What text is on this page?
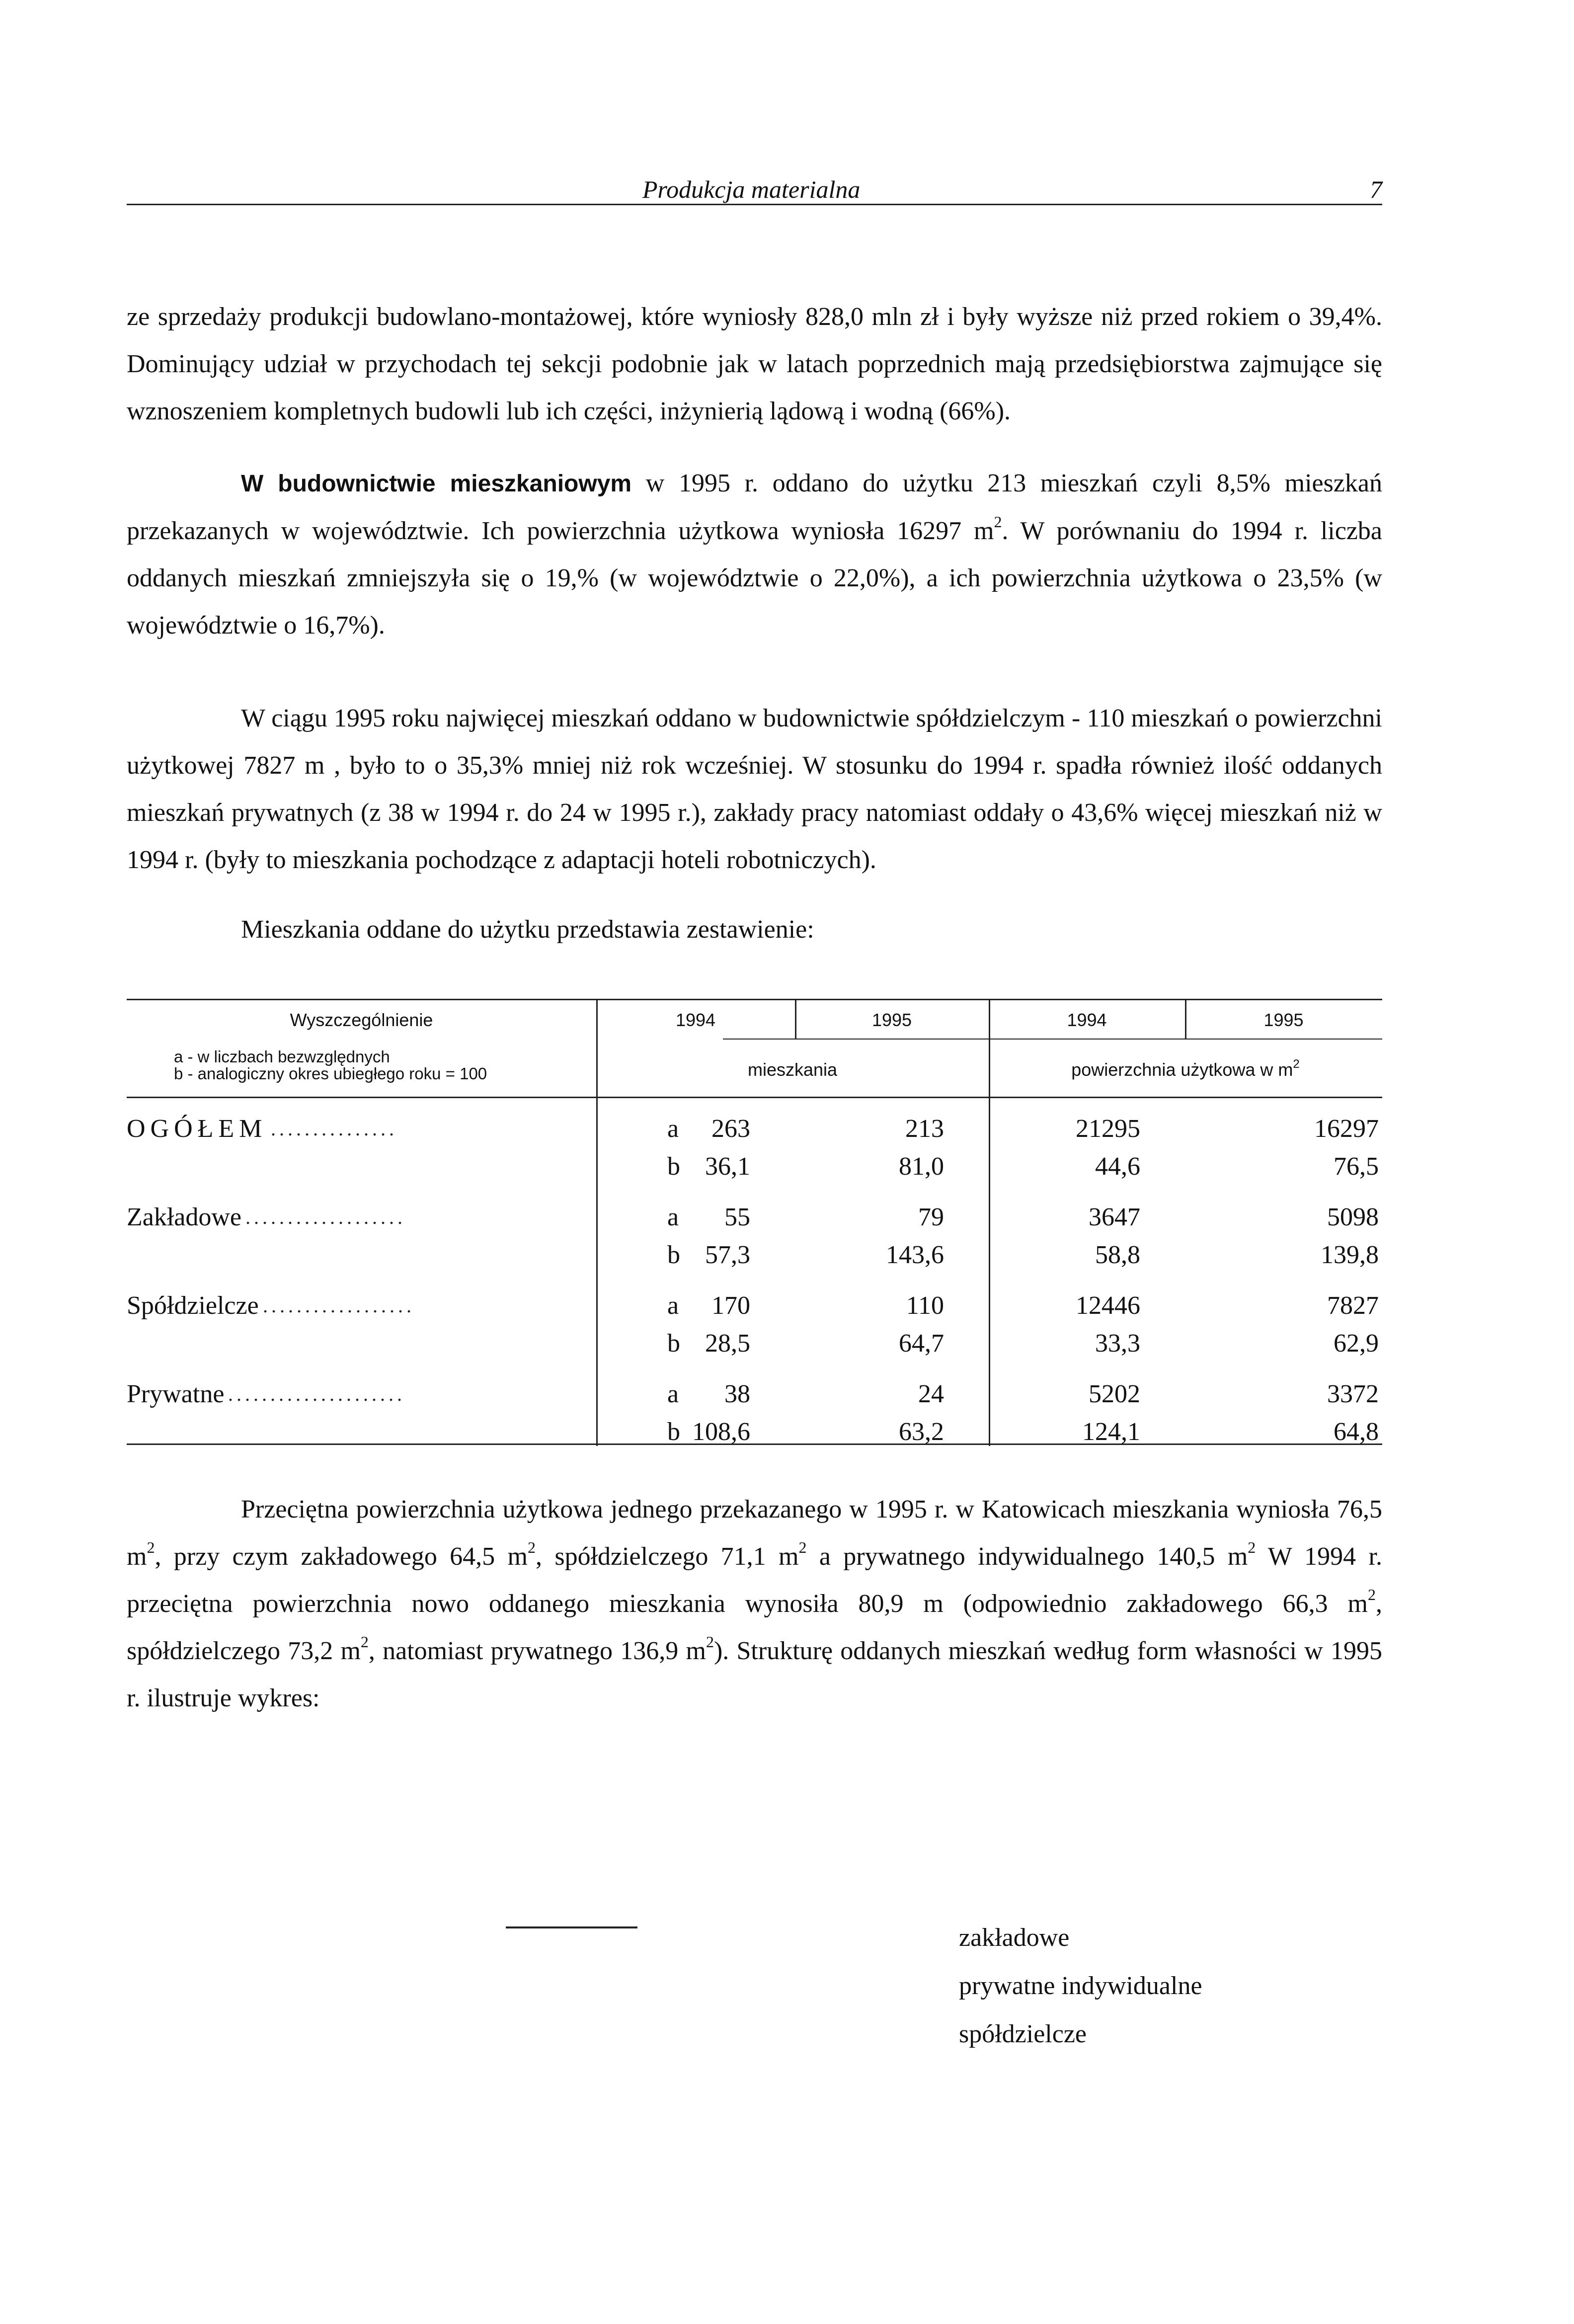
Produkcja materialna	7

ze sprzedaży produkcji budowlano-montażowej, które wyniosły 828,0 mln zł i były wyższe niż przed rokiem o 39,4%. Dominujący udział w przychodach tej sekcji podobnie jak w latach poprzednich mają przedsiębiorstwa zajmujące się wznoszeniem kompletnych budowli lub ich części, inżynierią lądową i wodną (66%).

W budownictwie mieszkaniowym w 1995 r. oddano do użytku 213 mieszkań czyli 8,5% mieszkań przekazanych w województwie. Ich powierzchnia użytkowa wyniosła 16297 $m^2$. W porównaniu do 1994 r. liczba oddanych mieszkań zmniejszyła się o 19,% (w województwie o 22,0%), a ich powierzchnia użytkowa o 23,5% (w województwie o 16,7%).

W ciągu 1995 roku najwięcej mieszkań oddano w budownictwie spółdzielczym - 110 mieszkań o powierzchni użytkowej 7827 m , było to o 35,3% mniej niż rok wcześniej. W stosunku do 1994 r. spadła również ilość oddanych mieszkań prywatnych (z 38 w 1994 r. do 24 w 1995 r.), zakłady pracy natomiast oddały o 43,6% więcej mieszkań niż w 1994 r. (były to mieszkania pochodzące z adaptacji hoteli robotniczych).

Mieszkania oddane do użytku przedstawia zestawienie:

Wyszczególnienie	1994	1995	1994	1995
a - w liczbach bezwzględnych
b - analogiczny okres ubiegłego roku = 100	mieszkania	powierzchnia użytkowa w $m^2$
OGÓŁEM ...............	a	263	213	21295	16297
b 36,1	81,0	44,6	76,5
Zakładowe ...................	a	55	79	3647	5098
b 57,3	143,6	58,8	139,8
Spółdzielcze ..................	a	170	110	12446	7827
b 28,5	64,7	33,3	62,9
Prywatne .....................	a	38	24	5202	3372
b 108,6	63,2	124,1	64,8

Przeciętna powierzchnia użytkowa jednego przekazanego w 1995 r. w Katowicach mieszkania wyniosła 76,5 $m^2$, przy czym zakładowego 64,5 $m^2$, spółdzielczego 71,1 $m^2$ a prywatnego indywidualnego 140,5 $m^2$ W 1994 r. przeciętna powierzchnia nowo oddanego mieszkania wynosiła 80,9 m (odpowiednio zakładowego 66,3 $m^2$, spółdzielczego 73,2 $m^2$, natomiast prywatnego 136,9 $m^2$). Strukturę oddanych mieszkań według form własności w 1995 r. ilustruje wykres:

zakładowe
prywatne indywidualne
spółdzielcze
